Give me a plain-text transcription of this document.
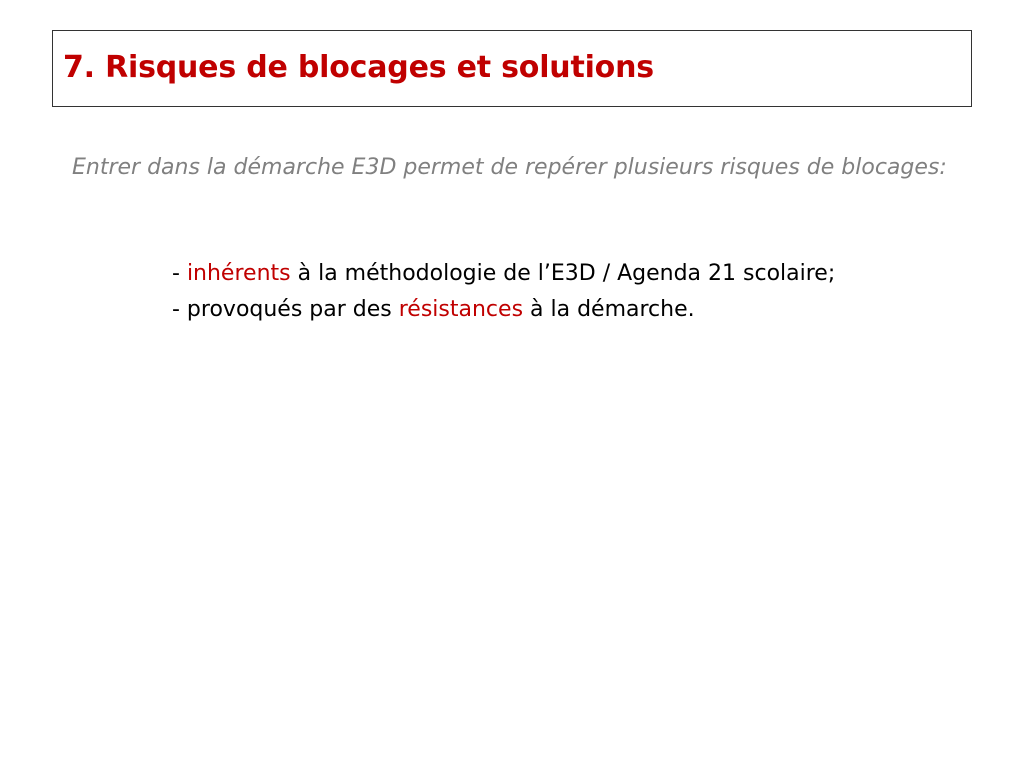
7. Risques de blocages et solutions

Entrer dans la démarche E3D permet de repérer plusieurs risques de blocages:

- inhérents à la méthodologie de l’E3D / Agenda 21 scolaire;
- provoqués par des résistances à la démarche.
